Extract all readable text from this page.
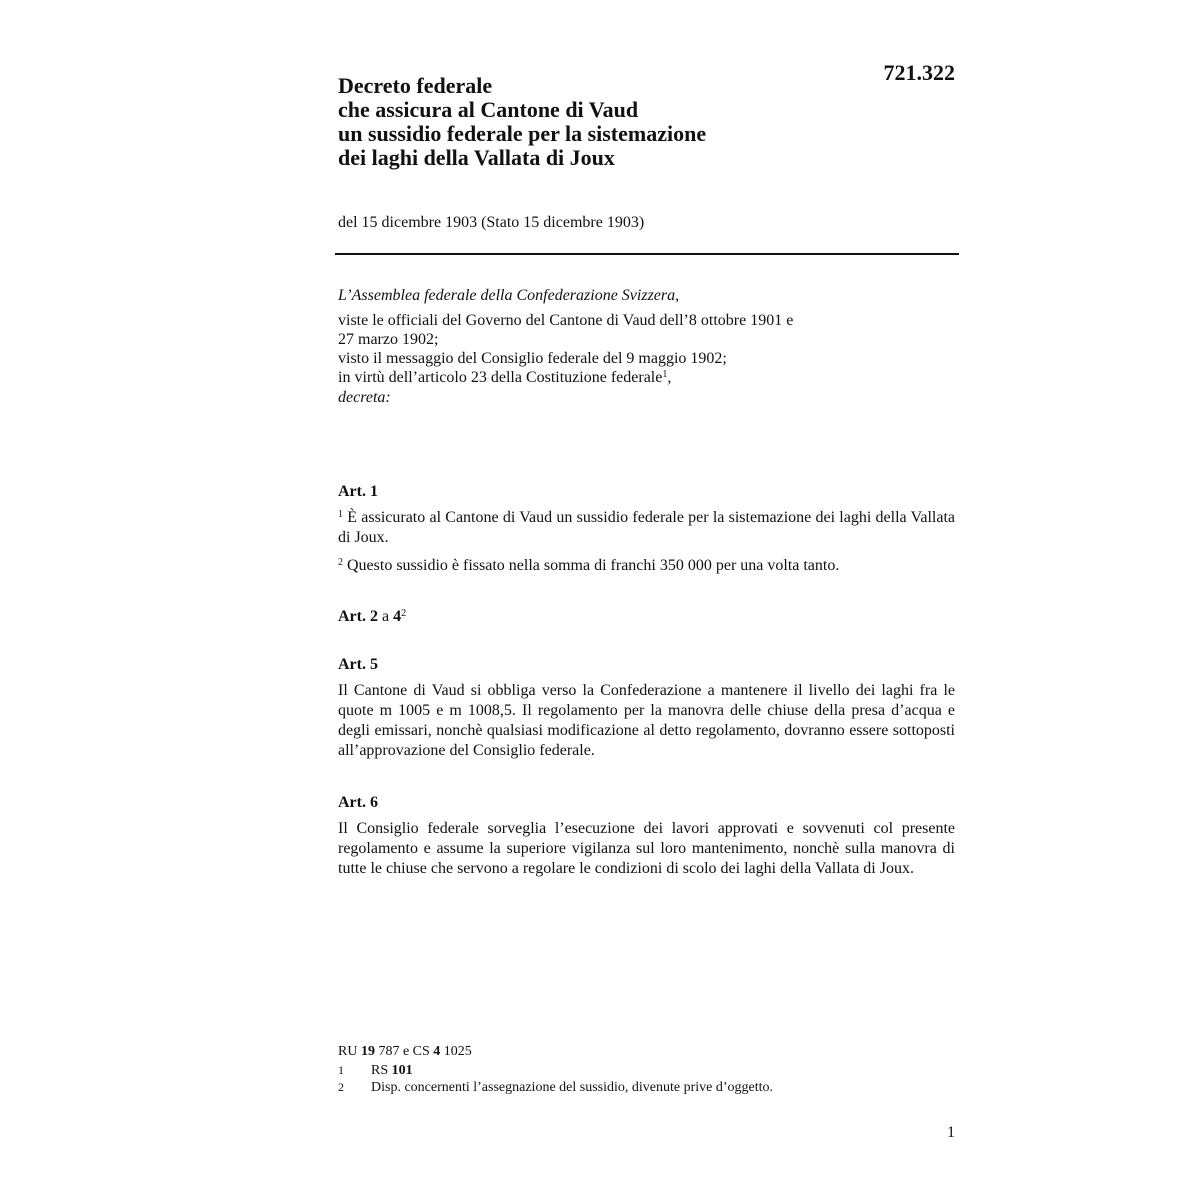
721.322
Decreto federale
che assicura al Cantone di Vaud
un sussidio federale per la sistemazione
dei laghi della Vallata di Joux
del 15 dicembre 1903 (Stato 15 dicembre 1903)
L’Assemblea federale della Confederazione Svizzera,
viste le officiali del Governo del Cantone di Vaud dell’8 ottobre 1901 e
27 marzo 1902;
visto il messaggio del Consiglio federale del 9 maggio 1902;
in virtù dell’articolo 23 della Costituzione federale$^1$,
decreta:
Art. 1

$^1$ È assicurato al Cantone di Vaud un sussidio federale per la sistemazione dei laghi della Vallata di Joux.

$^2$ Questo sussidio è fissato nella somma di franchi 350 000 per una volta tanto.

Art. 2 a $4^2$
Art. 5

Il Cantone di Vaud si obbliga verso la Confederazione a mantenere il livello dei laghi fra le quote m 1005 e m 1008,5. Il regolamento per la manovra delle chiuse della presa d’acqua e degli emissari, nonchè qualsiasi modificazione al detto regolamento, dovranno essere sottoposti all’approvazione del Consiglio federale.

Art. 6

Il Consiglio federale sorveglia l’esecuzione dei lavori approvati e sovvenuti col presente regolamento e assume la superiore vigilanza sul loro mantenimento, nonchè sulla manovra di tutte le chiuse che servono a regolare le condizioni di scolo dei laghi della Vallata di Joux.

RU 19 787 e CS 4 1025
1	RS 101
2	Disp. concernenti l’assegnazione del sussidio, divenute prive d’oggetto.
1
